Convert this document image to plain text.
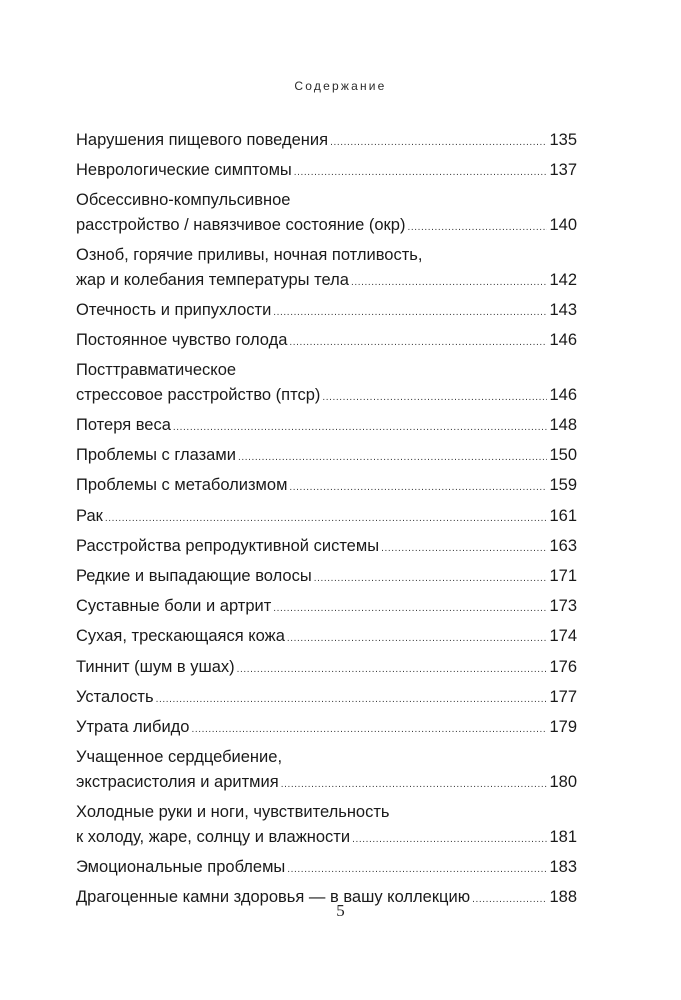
Содержание
Нарушения пищевого поведения .....	135
Неврологические симптомы .....	137
Обсессивно-компульсивное
расстройство / навязчивое состояние (окр) .....	140
Озноб, горячие приливы, ночная потливость,
жар и колебания температуры тела .....	142
Отечность и припухлости .....	143
Постоянное чувство голода .....	146
Посттравматическое
стрессовое расстройство (птср) .....	146
Потеря веса .....	148
Проблемы с глазами .....	150
Проблемы с метаболизмом .....	159
Рак .....	161
Расстройства репродуктивной системы .....	163
Редкие и выпадающие волосы .....	171
Суставные боли и артрит .....	173
Сухая, трескающаяся кожа .....	174
Тиннит (шум в ушах) .....	176
Усталость .....	177
Утрата либидо .....	179
Учащенное сердцебиение,
экстрасистолия и аритмия .....	180
Холодные руки и ноги, чувствительность
к холоду, жаре, солнцу и влажности .....	181
Эмоциональные проблемы .....	183
Драгоценные камни здоровья — в вашу коллекцию .....	188
5
